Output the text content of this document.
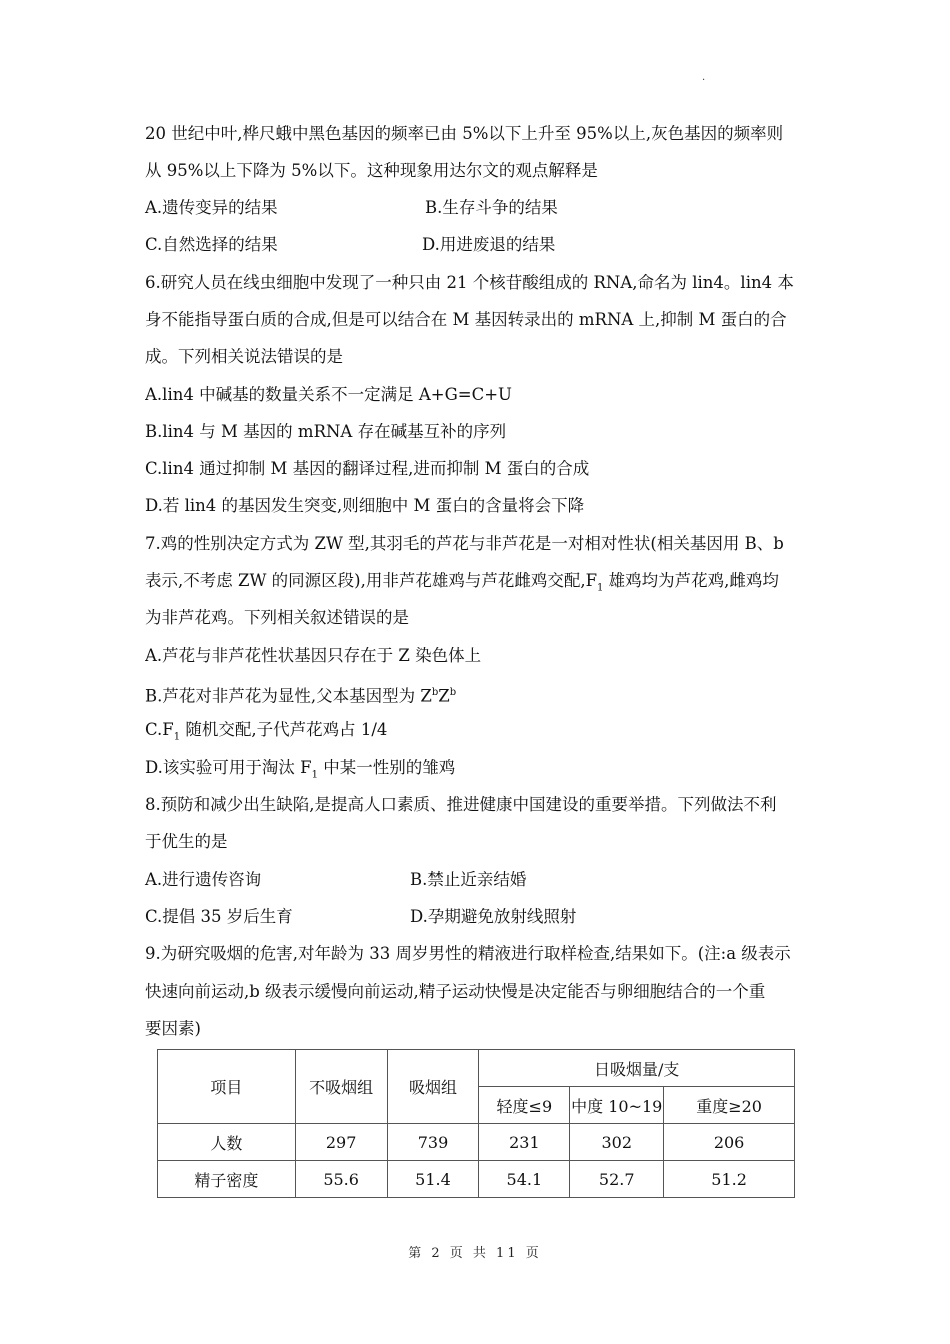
.
20 世纪中叶,桦尺蛾中黑色基因的频率已由 5%以下上升至 95%以上,灰色基因的频率则
从 95%以上下降为 5%以下。这种现象用达尔文的观点解释是
A.遗传变异的结果	B.生存斗争的结果
C.自然选择的结果	D.用进废退的结果
6.研究人员在线虫细胞中发现了一种只由 21 个核苷酸组成的 RNA,命名为 lin4。lin4 本
身不能指导蛋白质的合成,但是可以结合在 M 基因转录出的 mRNA 上,抑制 M 蛋白的合
成。下列相关说法错误的是
A.lin4 中碱基的数量关系不一定满足 A+G=C+U
B.lin4 与 M 基因的 mRNA 存在碱基互补的序列
C.lin4 通过抑制 M 基因的翻译过程,进而抑制 M 蛋白的合成
D.若 lin4 的基因发生突变,则细胞中 M 蛋白的含量将会下降
7.鸡的性别决定方式为 ZW 型,其羽毛的芦花与非芦花是一对相对性状(相关基因用 B、b
表示,不考虑 ZW 的同源区段),用非芦花雄鸡与芦花雌鸡交配$,F_1$ 雄鸡均为芦花鸡,雌鸡均
为非芦花鸡。下列相关叙述错误的是
A.芦花与非芦花性状基因只存在于 Z 染色体上
B.芦花对非芦花为显性,父本基因型为 $Z^bZ^b$
$C.F_1$ 随机交配,子代芦花鸡占 1/4
D.该实验可用于淘汰 $F_1$ 中某一性别的雏鸡
8.预防和减少出生缺陷,是提高人口素质、推进健康中国建设的重要举措。下列做法不利
于优生的是
A.进行遗传咨询	B.禁止近亲结婚
C.提倡 35 岁后生育	D.孕期避免放射线照射
9.为研究吸烟的危害,对年龄为 33 周岁男性的精液进行取样检查,结果如下。(注:a 级表示
快速向前运动,b 级表示缓慢向前运动,精子运动快慢是决定能否与卵细胞结合的一个重
要因素)
项目	不吸烟组	吸烟组	日吸烟量/支		
			轻度≤9	中度 10~19	重度≥20
人数	297	739	231	302	206
精子密度	55.6	51.4	54.1	52.7	51.2
第 2 页 共 11 页
